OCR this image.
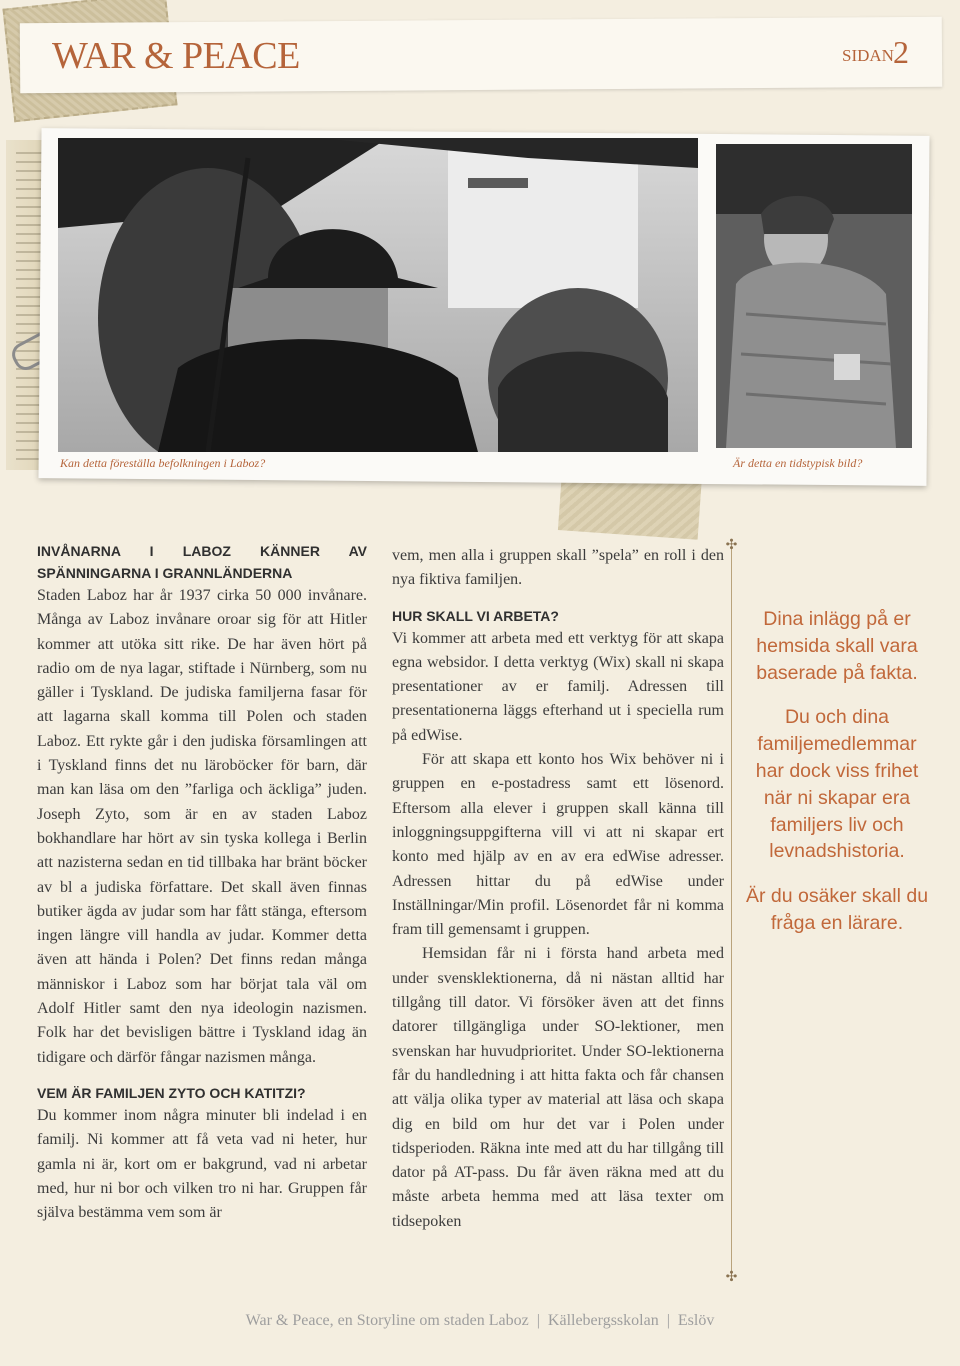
WAR & PEACE	SIDAN 2
Kan detta föreställa befolkningen i Laboz?	Är detta en tidstypisk bild?
INVÅNARNA I LABOZ KÄNNER AV SPÄNNINGARNA I GRANNLÄNDERNA

Staden Laboz har år 1937 cirka 50 000 invånare. Många av Laboz invånare oroar sig för att Hitler kommer att utöka sitt rike. De har även hört på radio om de nya lagar, stiftade i Nürnberg, som nu gäller i Tyskland. De judiska familjerna fasar för att lagarna skall komma till Polen och staden Laboz. Ett rykte går i den judiska församlingen att i Tyskland finns det nu läroböcker för barn, där man kan läsa om den ”farliga och äckliga” juden. Joseph Zyto, som är en av staden Laboz bokhandlare har hört av sin tyska kollega i Berlin att nazisterna sedan en tid tillbaka har bränt böcker av bl a judiska författare. Det skall även finnas butiker ägda av judar som har fått stänga, eftersom ingen längre vill handla av judar. Kommer detta även att hända i Polen? Det finns redan många människor i Laboz som har börjat tala väl om Adolf Hitler samt den nya ideologin nazismen. Folk har det bevisligen bättre i Tyskland idag än tidigare och därför fångar nazismen många.

VEM ÄR FAMILJEN ZYTO OCH KATITZI?

Du kommer inom några minuter bli indelad i en familj. Ni kommer att få veta vad ni heter, hur gamla ni är, kort om er bakgrund, vad ni arbetar med, hur ni bor och vilken tro ni har. Gruppen får själva bestämma vem som är

vem, men alla i gruppen skall ”spela” en roll i den nya fiktiva familjen.

HUR SKALL VI ARBETA?

Vi kommer att arbeta med ett verktyg för att skapa egna websidor. I detta verktyg (Wix) skall ni skapa presentationer av er familj. Adressen till presentationerna läggs efterhand ut i speciella rum på edWise.

För att skapa ett konto hos Wix behöver ni i gruppen en e-postadress samt ett lösenord. Eftersom alla elever i gruppen skall känna till inloggningsuppgifterna vill vi att ni skapar ert konto med hjälp av en av era edWise adresser. Adressen hittar du på edWise under Inställningar/Min profil. Lösenordet får ni komma fram till gemensamt i gruppen.

Hemsidan får ni i första hand arbeta med under svensklektionerna, då ni nästan alltid har tillgång till dator. Vi försöker även att det finns datorer tillgängliga under SO-lektioner, men svenskan har huvudprioritet. Under SO-lektionerna får du handledning i att hitta fakta och får chansen att välja olika typer av material att läsa och skapa dig en bild om hur det var i Polen under tidsperioden. Räkna inte med att du har tillgång till dator på AT-pass. Du får även räkna med att du måste arbeta hemma med att läsa texter om tidsepoken

✣
✣

Dina inlägg på er hemsida skall vara baserade på fakta.

Du och dina familjemedlemmar har dock viss frihet när ni skapar era familjers liv och levnadshistoria.

Är du osäker skall du fråga en lärare.

War & Peace, en Storyline om staden Laboz | Källebergsskolan | Eslöv
